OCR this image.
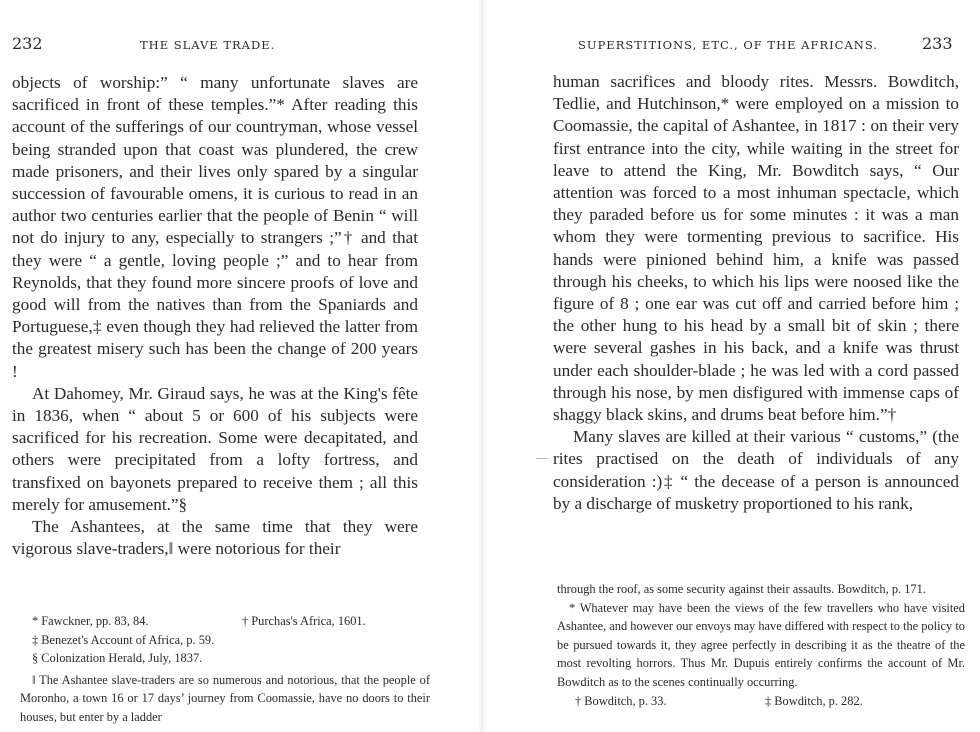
232	THE SLAVE TRADE.

objects of worship:” “ many unfortunate slaves are sacrificed in front of these temples.”* After reading this account of the sufferings of our countryman, whose vessel being stranded upon that coast was plundered, the crew made prisoners, and their lives only spared by a singular succession of favourable omens, it is curious to read in an author two centuries earlier that the people of Benin “ will not do injury to any, especially to strangers ;”† and that they were “ a gentle, loving people ;” and to hear from Reynolds, that they found more sincere proofs of love and good will from the natives than from the Spaniards and Portuguese,‡ even though they had relieved the latter from the greatest misery such has been the change of 200 years !

At Dahomey, Mr. Giraud says, he was at the King's fête in 1836, when “ about 5 or 600 of his subjects were sacrificed for his recreation. Some were decapitated, and others were precipitated from a lofty fortress, and transfixed on bayonets prepared to receive them ; all this merely for amusement.”§

The Ashantees, at the same time that they were vigorous slave-traders,‖ were notorious for their

* Fawckner, pp. 83, 84.	† Purchas's Africa, 1601.

‡ Benezet's Account of Africa, p. 59.

§ Colonization Herald, July, 1837.

‖ The Ashantee slave-traders are so numerous and notorious, that the people of Moronho, a town 16 or 17 days’ journey from Coomassie, have no doors to their houses, but enter by a ladder

SUPERSTITIONS, ETC., OF THE AFRICANS.	233

human sacrifices and bloody rites. Messrs. Bowditch, Tedlie, and Hutchinson,* were employed on a mission to Coomassie, the capital of Ashantee, in 1817 : on their very first entrance into the city, while waiting in the street for leave to attend the King, Mr. Bowditch says, “ Our attention was forced to a most inhuman spectacle, which they paraded before us for some minutes : it was a man whom they were tormenting previous to sacrifice. His hands were pinioned behind him, a knife was passed through his cheeks, to which his lips were noosed like the figure of 8 ; one ear was cut off and carried before him ; the other hung to his head by a small bit of skin ; there were several gashes in his back, and a knife was thrust under each shoulder-blade ; he was led with a cord passed through his nose, by men disfigured with immense caps of shaggy black skins, and drums beat before him.”†

Many slaves are killed at their various “ customs,” (the rites practised on the death of individuals of any consideration :)‡ “ the decease of a person is announced by a discharge of musketry proportioned to his rank,

through the roof, as some security against their assaults. Bowditch, p. 171.

* Whatever may have been the views of the few travellers who have visited Ashantee, and however our envoys may have differed with respect to the policy to be pursued towards it, they agree perfectly in describing it as the theatre of the most revolting horrors. Thus Mr. Dupuis entirely confirms the account of Mr. Bowditch as to the scenes continually occurring.

† Bowditch, p. 33.	‡ Bowditch, p. 282.
